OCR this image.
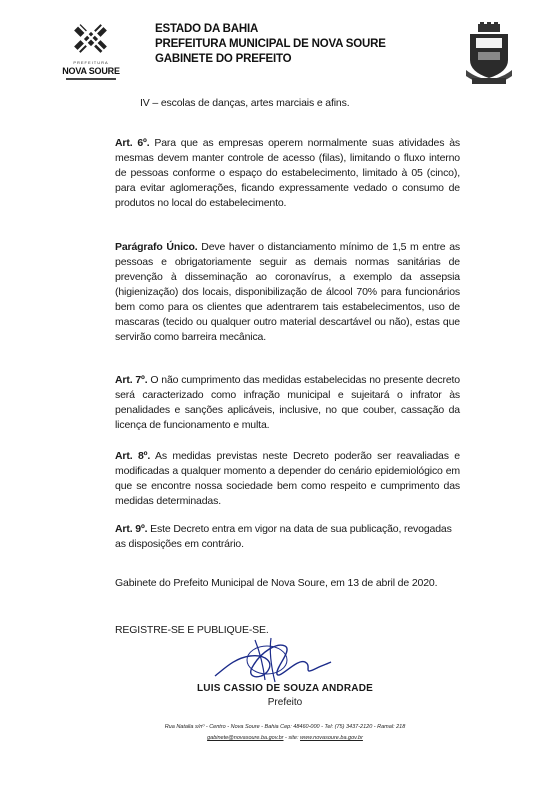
PREFEITURA
NOVA SOURE
ESTADO DA BAHIA
PREFEITURA MUNICIPAL DE NOVA SOURE
GABINETE DO PREFEITO
IV – escolas de danças, artes marciais e afins.
Art. 6º. Para que as empresas operem normalmente suas atividades às mesmas devem manter controle de acesso (filas), limitando o fluxo interno de pessoas conforme o espaço do estabelecimento, limitado à 05 (cinco), para evitar aglomerações, ficando expressamente vedado o consumo de produtos no local do estabelecimento.
Parágrafo Único. Deve haver o distanciamento mínimo de 1,5 m entre as pessoas e obrigatoriamente seguir as demais normas sanitárias de prevenção à disseminação ao coronavírus, a exemplo da assepsia (higienização) dos locais, disponibilização de álcool 70% para funcionários bem como para os clientes que adentrarem tais estabelecimentos, uso de mascaras (tecido ou qualquer outro material descartável ou não), estas que servirão como barreira mecânica.
Art. 7º. O não cumprimento das medidas estabelecidas no presente decreto será caracterizado como infração municipal e sujeitará o infrator às penalidades e sanções aplicáveis, inclusive, no que couber, cassação da licença de funcionamento e multa.
Art. 8º. As medidas previstas neste Decreto poderão ser reavaliadas e modificadas a qualquer momento a depender do cenário epidemiológico em que se encontre nossa sociedade bem como respeito e cumprimento das medidas determinadas.
Art. 9º. Este Decreto entra em vigor na data de sua publicação, revogadas as disposições em contrário.
Gabinete do Prefeito Municipal de Nova Soure, em 13 de abril de 2020.
REGISTRE-SE E PUBLIQUE-SE.
LUIS CASSIO DE SOUZA ANDRADE
Prefeito
Rua Natalia s/nº - Centro - Nova Soure - Bahia Cep: 48460-000 - Tel: (75) 3437-2120 - Ramal: 218
gabinete@novasoure.ba.gov.br - site: www.novasoure.ba.gov.br
